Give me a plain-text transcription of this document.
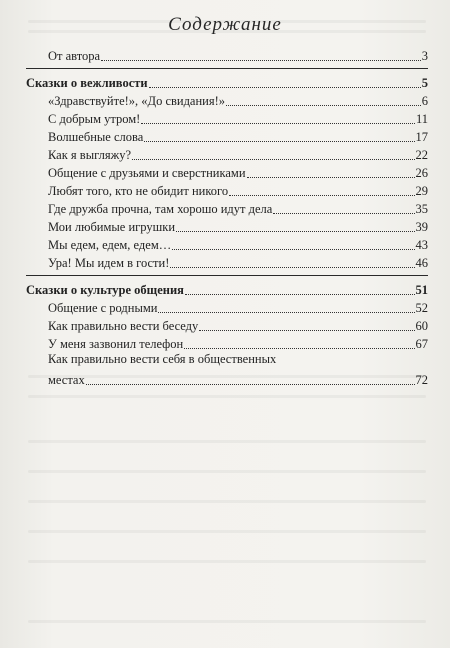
Содержание
От автора	3
Сказки о вежливости	5
«Здравствуйте!», «До свидания!»	6
С добрым утром!	11
Волшебные слова	17
Как я выгляжу?	22
Общение с друзьями и сверстниками	26
Любят того, кто не обидит никого	29
Где дружба прочна, там хорошо идут дела	35
Мои любимые игрушки	39
Мы едем, едем, едем…	43
Ура! Мы идем в гости!	46
Сказки о культуре общения	51
Общение с родными	52
Как правильно вести беседу	60
У меня зазвонил телефон	67
Как правильно вести себя в общественных
местах	72
